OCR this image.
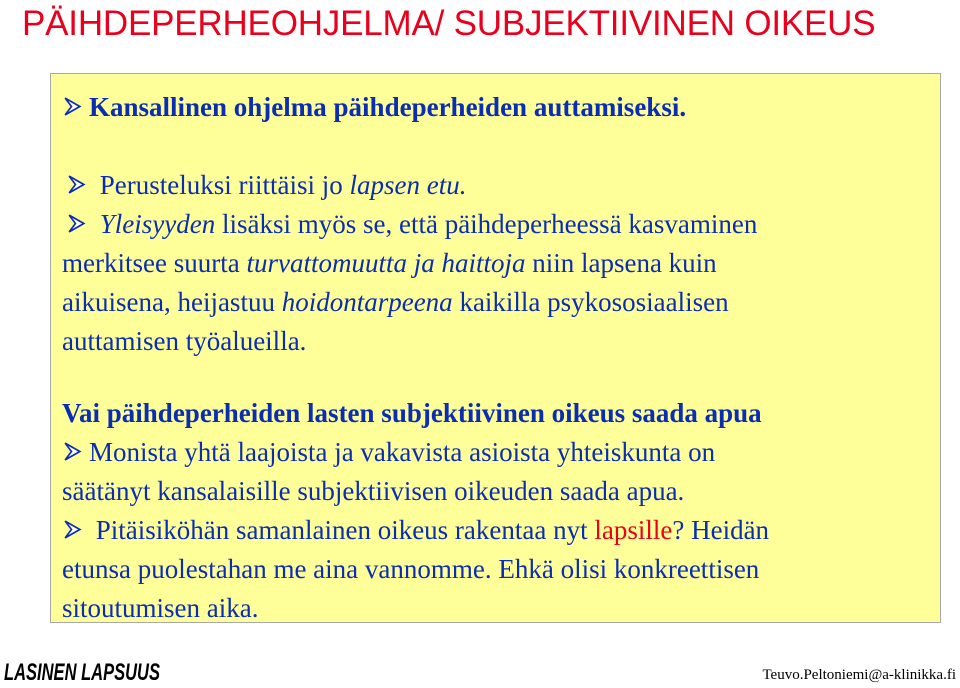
PÄIHDEPERHEOHJELMA/ SUBJEKTIIVINEN OIKEUS
Kansallinen ohjelma päihdeperheiden auttamiseksi.
Perusteluksi riittäisi jo lapsen etu.
Yleisyyden lisäksi myös se, että päihdeperheessä kasvaminen
merkitsee suurta turvattomuutta ja haittoja niin lapsena kuin
aikuisena, heijastuu hoidontarpeena kaikilla psykososiaalisen
auttamisen työalueilla.
Vai päihdeperheiden lasten subjektiivinen oikeus saada apua
Monista yhtä laajoista ja vakavista asioista yhteiskunta on
säätänyt kansalaisille subjektiivisen oikeuden saada apua.
Pitäisiköhän samanlainen oikeus rakentaa nyt lapsille? Heidän
etunsa puolestahan me aina vannomme. Ehkä olisi konkreettisen
sitoutumisen aika.
LASINEN LAPSUUS	Teuvo.Peltoniemi@a-klinikka.fi
